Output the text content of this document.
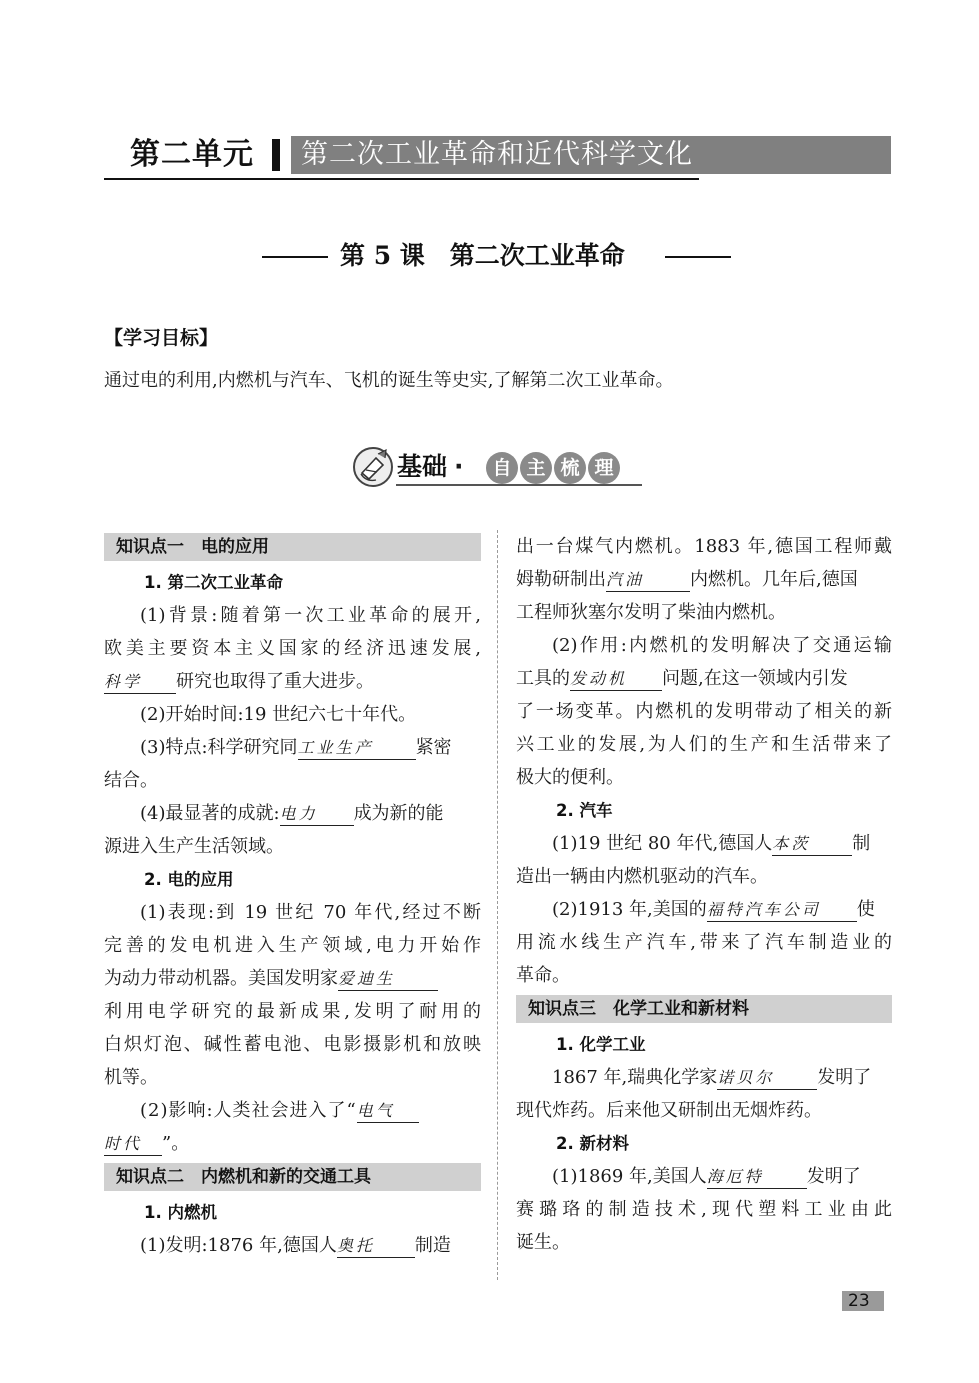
第二单元 第二次工业革命和近代科学文化
第 5 课　第二次工业革命
【学习目标】
通过电的利用,内燃机与汽车、飞机的诞生等史实,了解第二次工业革命。
基础 ·	自 主 梳 理
知识点一　电的应用
1. 第二次工业革命

(1)背景:随着第一次工业革命的展开,

欧美主要资本主义国家的经济迅速发展,

科学 研究也取得了重大进步。

(2)开始时间:19 世纪六七十年代。

(3)特点:科学研究同工业生产 紧密

结合。

(4)最显著的成就:电力 成为新的能

源进入生产生活领域。

2. 电的应用

(1)表现:到 19 世纪 70 年代,经过不断

完善的发电机进入生产领域,电力开始作

为动力带动机器。美国发明家爱迪生

利用电学研究的最新成果,发明了耐用的

白炽灯泡、碱性蓄电池、电影摄影机和放映

机等。

(2)影响:人类社会进入了“电气

时代 ”。

知识点二　内燃机和新的交通工具
1. 内燃机

(1)发明:1876 年,德国人奥托 制造

出一台煤气内燃机。1883 年,德国工程师戴

姆勒研制出汽油	内燃机。几年后,德国

工程师狄塞尔发明了柴油内燃机。

(2)作用:内燃机的发明解决了交通运输

工具的发动机 问题,在这一领域内引发

了一场变革。内燃机的发明带动了相关的新

兴工业的发展,为人们的生产和生活带来了

极大的便利。

2. 汽车

(1)19 世纪 80 年代,德国人本茨 制

造出一辆由内燃机驱动的汽车。

(2)1913 年,美国的福特汽车公司 使

用流水线生产汽车,带来了汽车制造业的

革命。

知识点三　化学工业和新材料
1. 化学工业

1867 年,瑞典化学家诺贝尔 发明了

现代炸药。后来他又研制出无烟炸药。

2. 新材料

(1)1869 年,美国人海厄特 发明了

赛璐珞的制造技术,现代塑料工业由此

诞生。

23
